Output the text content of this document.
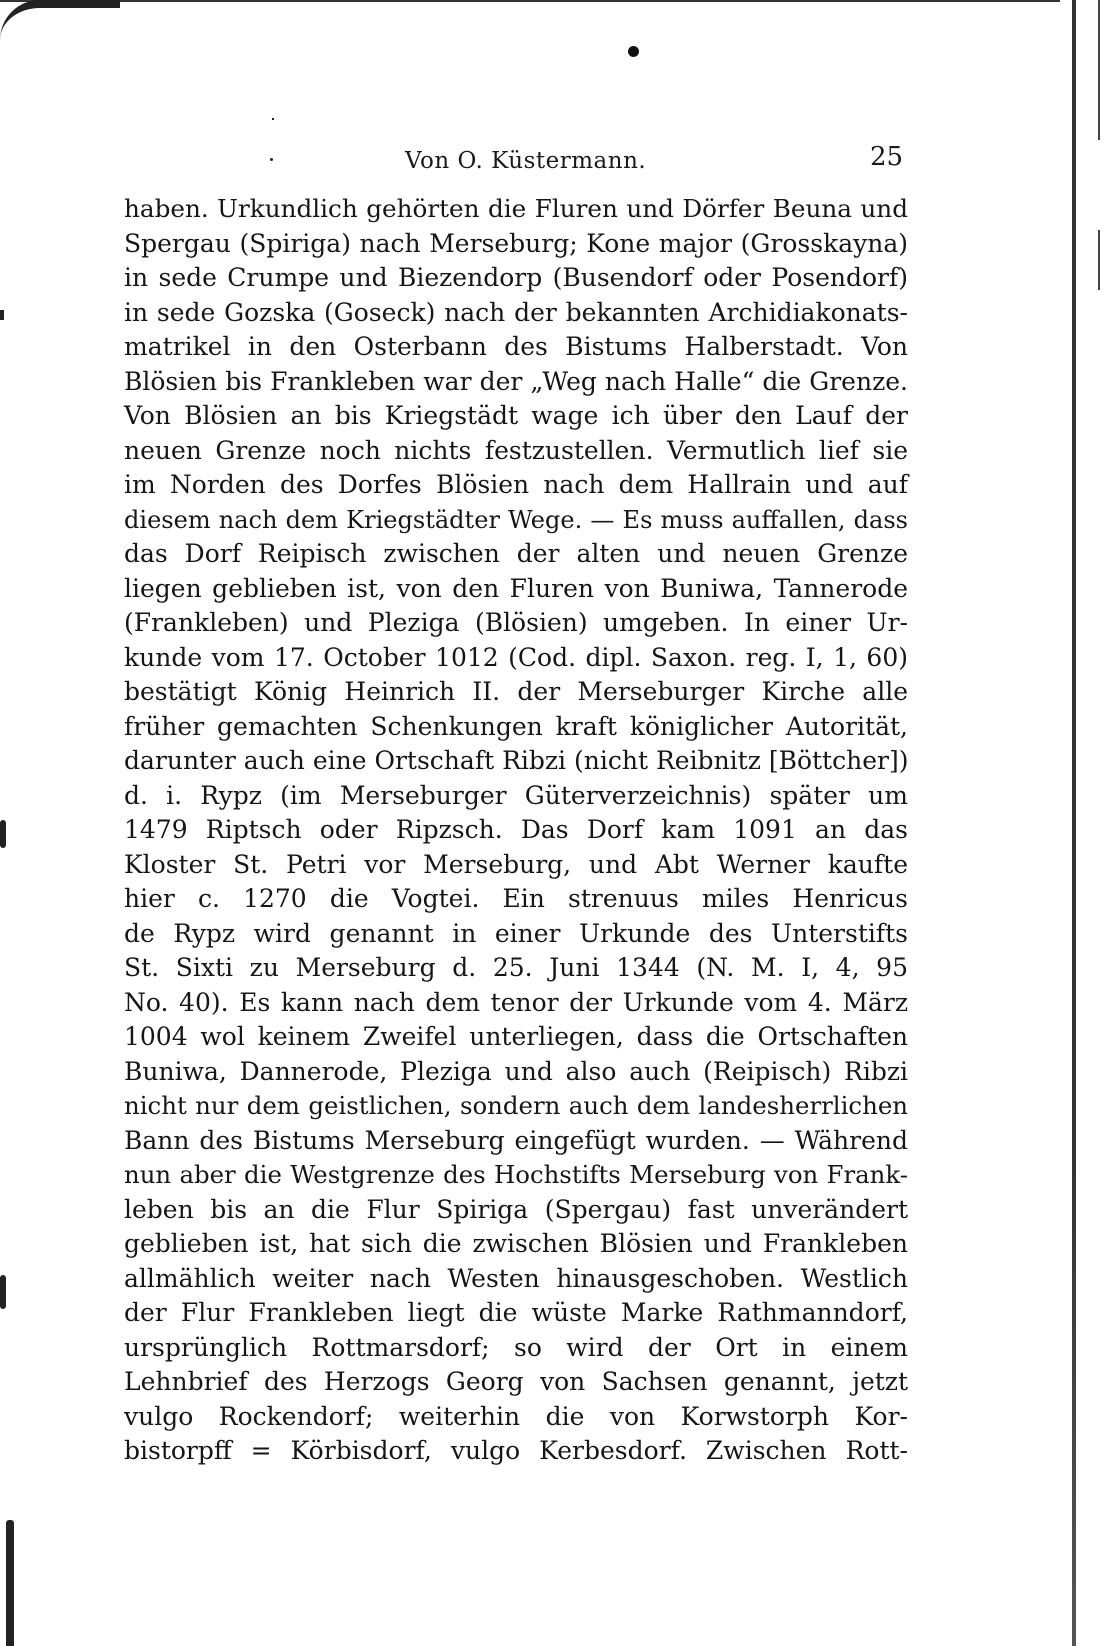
Von O. Küstermann.	25
haben. Urkundlich gehörten die Fluren und Dörfer Beuna und
Spergau (Spiriga) nach Merseburg; Kone major (Grosskayna)
in sede Crumpe und Biezendorp (Busendorf oder Posendorf)
in sede Gozska (Goseck) nach der bekannten Archidiakonats-
matrikel in den Osterbann des Bistums Halberstadt. Von
Blösien bis Frankleben war der „Weg nach Halle“ die Grenze.
Von Blösien an bis Kriegstädt wage ich über den Lauf der
neuen Grenze noch nichts festzustellen. Vermutlich lief sie
im Norden des Dorfes Blösien nach dem Hallrain und auf
diesem nach dem Kriegstädter Wege. — Es muss auffallen, dass
das Dorf Reipisch zwischen der alten und neuen Grenze
liegen geblieben ist, von den Fluren von Buniwa, Tannerode
(Frankleben) und Pleziga (Blösien) umgeben. In einer Ur-
kunde vom 17. October 1012 (Cod. dipl. Saxon. reg. I, 1, 60)
bestätigt König Heinrich II. der Merseburger Kirche alle
früher gemachten Schenkungen kraft königlicher Autorität,
darunter auch eine Ortschaft Ribzi (nicht Reibnitz [Böttcher])
d. i. Rypz (im Merseburger Güterverzeichnis) später um
1479 Riptsch oder Ripzsch. Das Dorf kam 1091 an das
Kloster St. Petri vor Merseburg, und Abt Werner kaufte
hier c. 1270 die Vogtei. Ein strenuus miles Henricus
de Rypz wird genannt in einer Urkunde des Unterstifts
St. Sixti zu Merseburg d. 25. Juni 1344 (N. M. I, 4, 95
No. 40). Es kann nach dem tenor der Urkunde vom 4. März
1004 wol keinem Zweifel unterliegen, dass die Ortschaften
Buniwa, Dannerode, Pleziga und also auch (Reipisch) Ribzi
nicht nur dem geistlichen, sondern auch dem landesherrlichen
Bann des Bistums Merseburg eingefügt wurden. — Während
nun aber die Westgrenze des Hochstifts Merseburg von Frank-
leben bis an die Flur Spiriga (Spergau) fast unverändert
geblieben ist, hat sich die zwischen Blösien und Frankleben
allmählich weiter nach Westen hinausgeschoben. Westlich
der Flur Frankleben liegt die wüste Marke Rathmanndorf,
ursprünglich Rottmarsdorf; so wird der Ort in einem
Lehnbrief des Herzogs Georg von Sachsen genannt, jetzt
vulgo Rockendorf; weiterhin die von Korwstorph Kor-
bistorpff = Körbisdorf, vulgo Kerbesdorf. Zwischen Rott-
